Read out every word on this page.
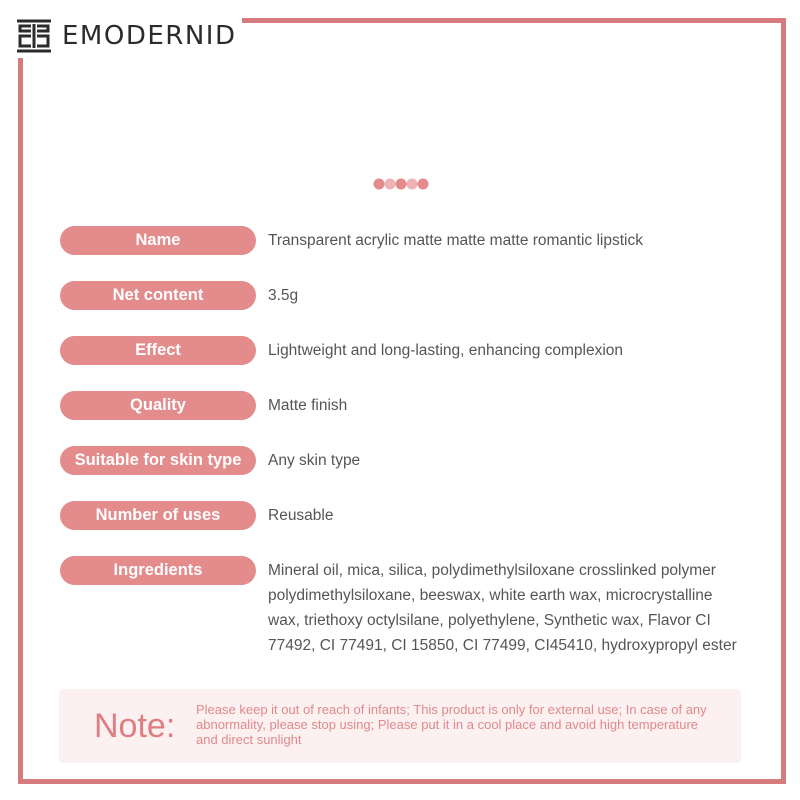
EMODERNID
Name	Transparent acrylic matte matte matte romantic lipstick
Net content	3.5g
Effect	Lightweight and long-lasting, enhancing complexion
Quality	Matte finish
Suitable for skin type	Any skin type
Number of uses	Reusable
Ingredients	Mineral oil, mica, silica, polydimethylsiloxane crosslinked polymer polydimethylsiloxane, beeswax, white earth wax, microcrystalline wax, triethoxy octylsilane, polyethylene, Synthetic wax, Flavor CI 77492, CI 77491, CI 15850, CI 77499, CI45410, hydroxypropyl ester
Note: Please keep it out of reach of infants; This product is only for external use; In case of any abnormality, please stop using; Please put it in a cool place and avoid high temperature and direct sunlight
